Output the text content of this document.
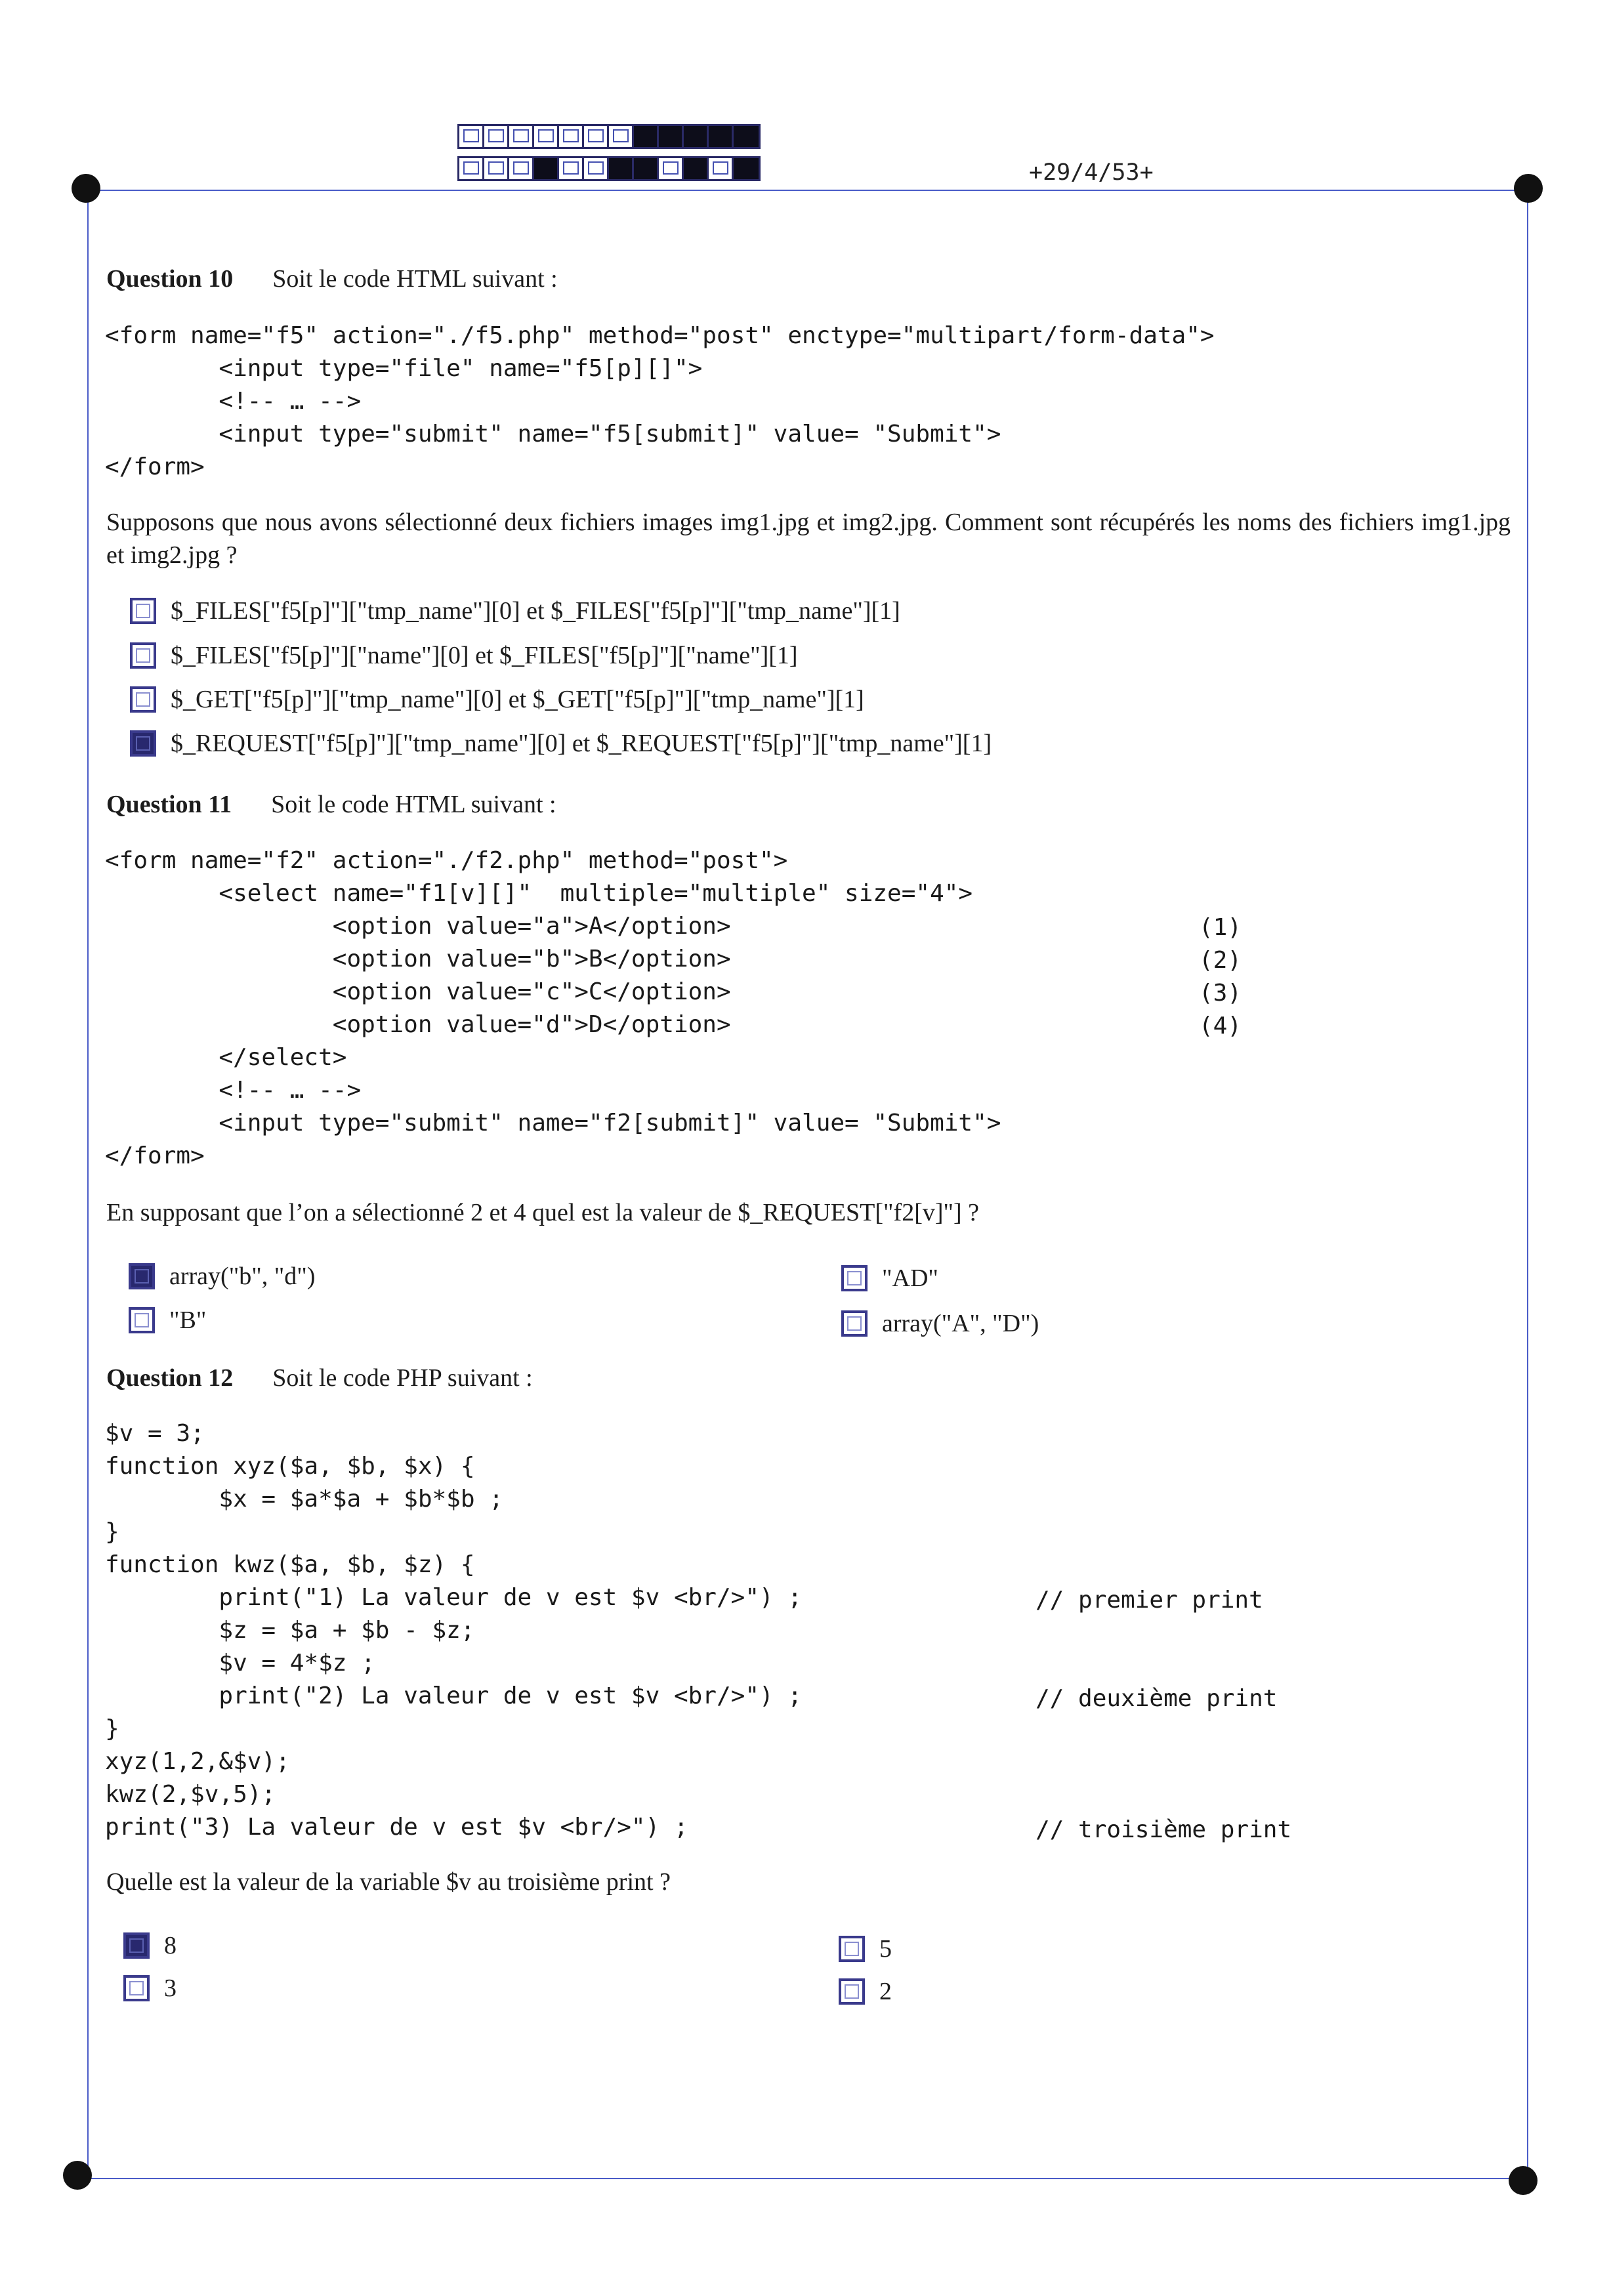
+29/4/53+
Question 10 Soit le code HTML suivant :
<form name="f5" action="./f5.php" method="post" enctype="multipart/form-data">
<input type="file" name="f5[p][]">
<!-- … -->
<input type="submit" name="f5[submit]" value= "Submit">
</form>
Supposons que nous avons sélectionné deux fichiers images img1.jpg et img2.jpg. Comment sont récupérés les noms des fichiers img1.jpg et img2.jpg ?
$_FILES["f5[p]"]["tmp_name"][0] et $_FILES["f5[p]"]["tmp_name"][1]
$_FILES["f5[p]"]["name"][0] et $_FILES["f5[p]"]["name"][1]
$_GET["f5[p]"]["tmp_name"][0] et $_GET["f5[p]"]["tmp_name"][1]
$_REQUEST["f5[p]"]["tmp_name"][0] et $_REQUEST["f5[p]"]["tmp_name"][1]
Question 11 Soit le code HTML suivant :
<form name="f2" action="./f2.php" method="post">
<select name="f1[v][]"  multiple="multiple" size="4">
<option value="a">A</option>
<option value="b">B</option>
<option value="c">C</option>
<option value="d">D</option>
</select>
<!-- … -->
<input type="submit" name="f2[submit]" value= "Submit">
</form>
(1)
(2)
(3)
(4)
En supposant que l’on a sélectionné 2 et 4 quel est la valeur de $_REQUEST["f2[v]"] ?
array("b", "d")
"B"
"AD"
array("A", "D")
Question 12 Soit le code PHP suivant :
$v = 3;
function xyz($a, $b, $x) {
$x = $a*$a + $b*$b ;
}
function kwz($a, $b, $z) {
print("1) La valeur de v est $v <br/>") ;
$z = $a + $b - $z;
$v = 4*$z ;
print("2) La valeur de v est $v <br/>") ;
}
xyz(1,2,&$v);
kwz(2,$v,5);
print("3) La valeur de v est $v <br/>") ;
// premier print
// deuxième print
// troisième print
Quelle est la valeur de la variable $v au troisième print ?
8
3
5
2
